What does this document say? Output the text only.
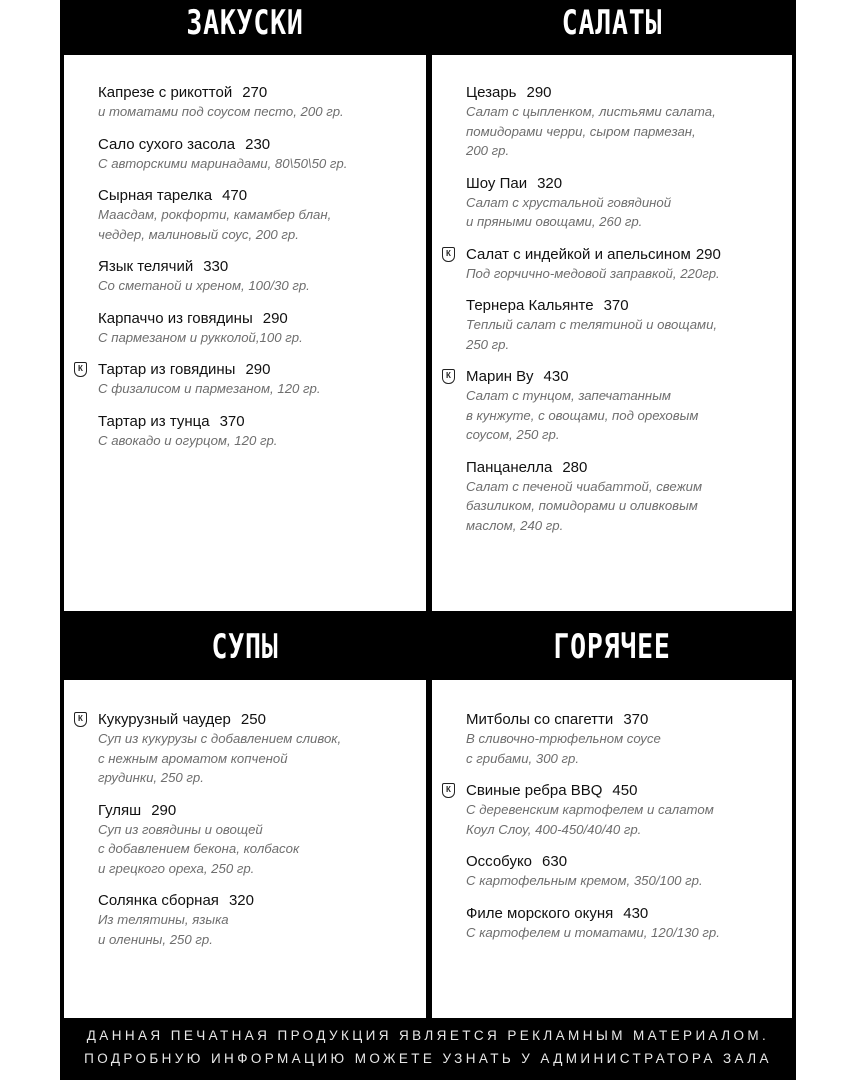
ЗАКУСКИ	САЛАТЫ
СУПЫ	ГОРЯЧЕЕ
Капрезе с рикоттой 270
и томатами под соусом песто, 200 гр.
Сало сухого засола 230
С авторскими маринадами, 80\50\50 гр.
Сырная тарелка 470
Маасдам, рокфорти, камамбер блан,
чеддер, малиновый соус, 200 гр.
Язык телячий 330
Со сметаной и хреном, 100/30 гр.
Карпаччо из говядины 290
С пармезаном и рукколой,100 гр.
К Тартар из говядины 290
С физалисом и пармезаном, 120 гр.
Тартар из тунца 370
С авокадо и огурцом, 120 гр.
Цезарь 290
Салат с цыпленком, листьями салата,
помидорами черри, сыром пармезан,
200 гр.
Шоу Паи 320
Салат с хрустальной говядиной
и пряными овощами, 260 гр.
К Салат с индейкой и апельсином 290
Под горчично-медовой заправкой, 220гр.
Тернера Кальянте 370
Теплый салат с телятиной и овощами,
250 гр.
К Марин Ву 430
Салат с тунцом, запечатанным
в кунжуте, с овощами, под ореховым
соусом, 250 гр.
Панцанелла 280
Салат с печеной чиабаттой, свежим
базиликом, помидорами и оливковым
маслом, 240 гр.
К Кукурузный чаудер 250
Суп из кукурузы с добавлением сливок,
с нежным ароматом копченой
грудинки, 250 гр.
Гуляш 290
Суп из говядины и овощей
с добавлением бекона, колбасок
и грецкого ореха, 250 гр.
Солянка сборная 320
Из телятины, языка
и оленины, 250 гр.
Митболы со спагетти 370
В сливочно-трюфельном соусе
с грибами, 300 гр.
К Свиные ребра BBQ 450
С деревенским картофелем и салатом
Коул Слоу, 400-450/40/40 гр.
Оссобуко 630
С картофельным кремом, 350/100 гр.
Филе морского окуня 430
С картофелем и томатами, 120/130 гр.
ДАННАЯ ПЕЧАТНАЯ ПРОДУКЦИЯ ЯВЛЯЕТСЯ РЕКЛАМНЫМ МАТЕРИАЛОМ.
ПОДРОБНУЮ ИНФОРМАЦИЮ МОЖЕТЕ УЗНАТЬ У АДМИНИСТРАТОРА ЗАЛА
